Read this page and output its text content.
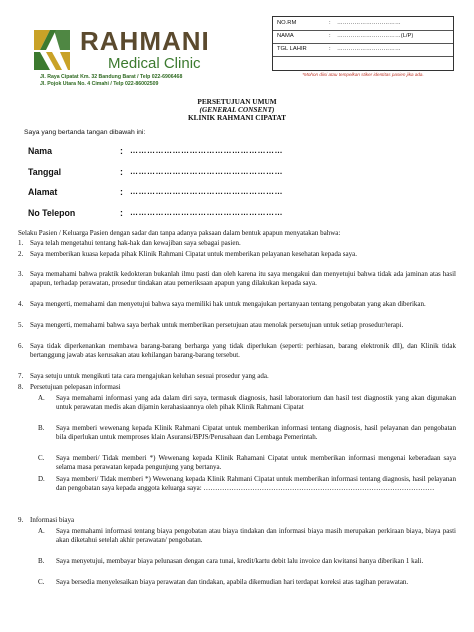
RAHMANI
Medical Clinic
Jl. Raya Cipatat Km. 32 Bandung Barat / Telp 022-6906468
Jl. Pojok Utara No. 4 Cimahi / Telp 022-86002509
NO.RM	: ……………………………
NAMA	: ……………………………(L/P)
TGL LAHIR	: ……………………………
*Mohon diisi atau tempelkan stiker identitas pasien jika ada.
PERSETUJUAN UMUM
(GENERAL CONSENT)
KLINIK RAHMANI CIPATAT
Saya yang bertanda tangan dibawah ini:
Nama	: ………………………………………………
Tanggal	: ………………………………………………
Alamat	: ………………………………………………
No Telepon	: ………………………………………………
Selaku Pasien / Keluarga Pasien dengan sadar dan tanpa adanya paksaan dalam bentuk apapun menyatakan bahwa:
1. Saya telah mengetahui tentang hak-hak dan kewajiban saya sebagai pasien.
2. Saya memberikan kuasa kepada pihak Klinik Rahmani Cipatat untuk memberikan pelayanan kesehatan kepada saya.
3. Saya memahami bahwa praktik kedokteran bukanlah ilmu pasti dan oleh karena itu saya mengakui dan menyetujui bahwa tidak ada jaminan atas hasil apapun, terhadap perawatan, prosedur tindakan atau pemeriksaan apapun yang dilakukan kepada saya.
4. Saya mengerti, memahami dan menyetujui bahwa saya memiliki hak untuk mengajukan pertanyaan tentang pengobatan yang akan diberikan.
5. Saya mengerti, memahami bahwa saya berhak untuk memberikan persetujuan atau menolak persetujuan untuk setiap prosedur/terapi.
6. Saya tidak diperkenankan membawa barang-barang berharga yang tidak diperlukan (seperti: perhiasan, barang elektronik dll), dan Klinik tidak bertanggung jawab atas kerusakan atau kehilangan barang-barang tersebut.
7. Saya setuju untuk mengikuti tata cara mengajukan keluhan sesuai prosedur yang ada.
8. Persetujuan pelepasan informasi
A. Saya memahami informasi yang ada dalam diri saya, termasuk diagnosis, hasil laboratorium dan hasil test diagnostik yang akan digunakan untuk perawatan medis akan dijamin kerahasiaannya oleh pihak Klinik Rahmani Cipatat
B. Saya memberi wewenang kepada Klinik Rahmani Cipatat untuk memberikan informasi tentang diagnosis, hasil pelayanan dan pengobatan bila diperlukan untuk memproses klain Asuransi/BPJS/Perusahaan dan Lembaga Pemerintah.
C. Saya memberi/ Tidak memberi *) Wewenang kepada Klinik Rahamani Cipatat untuk memberikan informasi mengenai keberadaan saya selama masa perawatan kepada pengunjung yang bertanya.
D. Saya memberi/ Tidak memberi *) Wewenang kepada Klinik Rahmani Cipatat untuk memberikan informasi tentang diagnosis, hasil pelayanan dan pengobatan saya kepada anggota keluarga saya: ………………………………………………………………………………………
9. Informasi biaya
A. Saya memahami informasi tentang biaya pengobatan atau biaya tindakan dan informasi biaya masih merupakan perkiraan biaya, biaya pasti akan diketahui setelah akhir perawatan/ pengobatan.
B. Saya menyetujui, membayar biaya pelunasan dengan cara tunai, kredit/kartu debit lalu invoice dan kwitansi hanya diberikan 1 kali.
C. Saya bersedia menyelesaikan biaya perawatan dan tindakan, apabila dikemudian hari terdapat koreksi atas tagihan perawatan.
